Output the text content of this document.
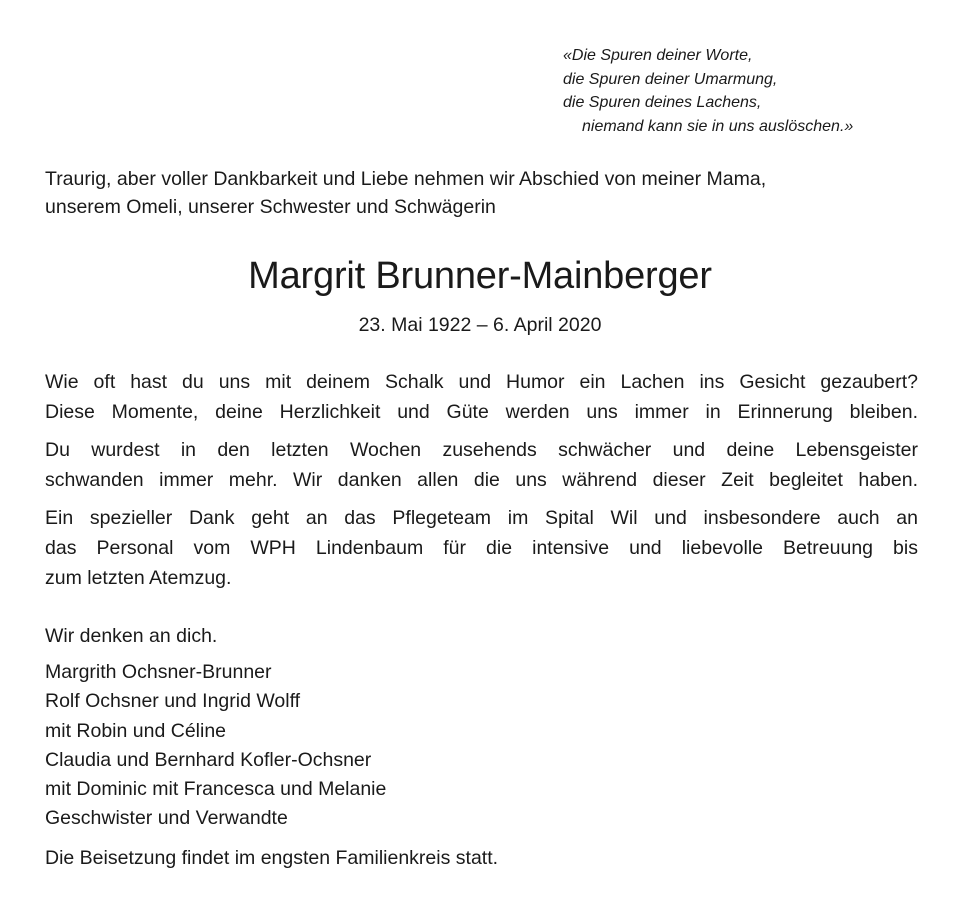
«Die Spuren deiner Worte,
die Spuren deiner Umarmung,
die Spuren deines Lachens,
niemand kann sie in uns auslöschen.»
Traurig, aber voller Dankbarkeit und Liebe nehmen wir Abschied von meiner Mama,
unserem Omeli, unserer Schwester und Schwägerin
Margrit Brunner-Mainberger
23. Mai 1922 – 6. April 2020
Wie oft hast du uns mit deinem Schalk und Humor ein Lachen ins Gesicht gezaubert?
Diese Momente, deine Herzlichkeit und Güte werden uns immer in Erinnerung bleiben.
Du wurdest in den letzten Wochen zusehends schwächer und deine Lebensgeister
schwanden immer mehr. Wir danken allen die uns während dieser Zeit begleitet haben.
Ein spezieller Dank geht an das Pflegeteam im Spital Wil und insbesondere auch an
das Personal vom WPH Lindenbaum für die intensive und liebevolle Betreuung bis
zum letzten Atemzug.
Wir denken an dich.
Margrith Ochsner-Brunner
Rolf Ochsner und Ingrid Wolff
mit Robin und Céline
Claudia und Bernhard Kofler-Ochsner
mit Dominic mit Francesca und Melanie
Geschwister und Verwandte
Die Beisetzung findet im engsten Familienkreis statt.
